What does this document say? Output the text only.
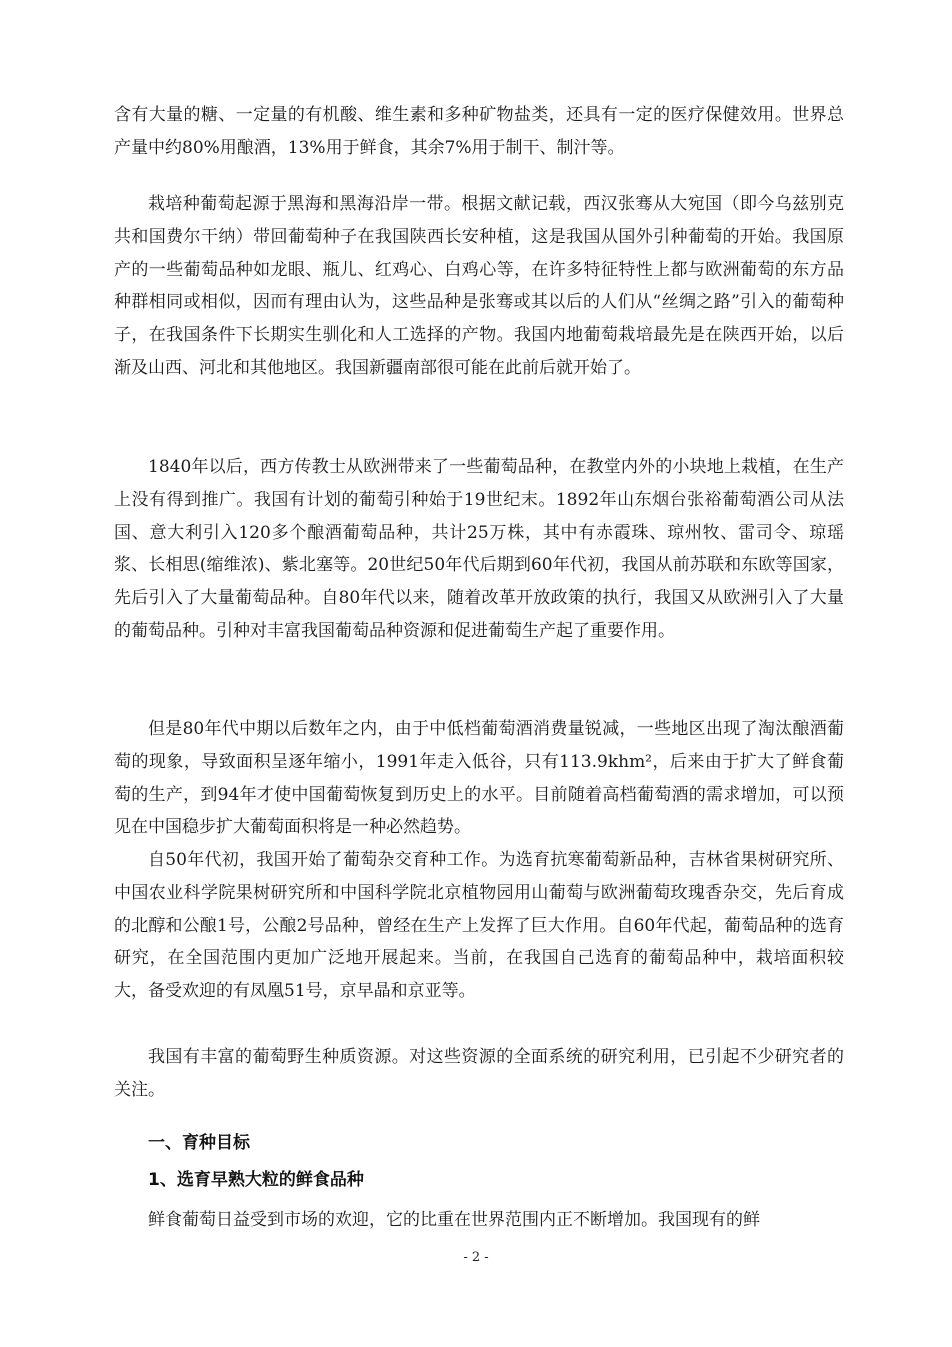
含有大量的糖、一定量的有机酸、维生素和多种矿物盐类，还具有一定的医疗保健效用。世界总产量中约80%用酿酒，13%用于鲜食，其余7%用于制干、制汁等。

栽培种葡萄起源于黑海和黑海沿岸一带。根据文献记载，西汉张骞从大宛国（即今乌兹别克共和国费尔干纳）带回葡萄种子在我国陕西长安种植，这是我国从国外引种葡萄的开始。我国原产的一些葡萄品种如龙眼、瓶儿、红鸡心、白鸡心等，在许多特征特性上都与欧洲葡萄的东方品种群相同或相似，因而有理由认为，这些品种是张骞或其以后的人们从“丝绸之路”引入的葡萄种子，在我国条件下长期实生驯化和人工选择的产物。我国内地葡萄栽培最先是在陕西开始，以后渐及山西、河北和其他地区。我国新疆南部很可能在此前后就开始了。

1840年以后，西方传教士从欧洲带来了一些葡萄品种，在教堂内外的小块地上栽植，在生产上没有得到推广。我国有计划的葡萄引种始于19世纪末。1892年山东烟台张裕葡萄酒公司从法国、意大利引入120多个酿酒葡萄品种，共计25万株，其中有赤霞珠、琼州牧、雷司令、琼瑶浆、长相思(缩维浓)、紫北塞等。20世纪50年代后期到60年代初，我国从前苏联和东欧等国家，先后引入了大量葡萄品种。自80年代以来，随着改革开放政策的执行，我国又从欧洲引入了大量的葡萄品种。引种对丰富我国葡萄品种资源和促进葡萄生产起了重要作用。

但是80年代中期以后数年之内，由于中低档葡萄酒消费量锐减，一些地区出现了淘汰酿酒葡萄的现象，导致面积呈逐年缩小，1991年走入低谷，只有113.9khm²，后来由于扩大了鲜食葡萄的生产，到94年才使中国葡萄恢复到历史上的水平。目前随着高档葡萄酒的需求增加，可以预见在中国稳步扩大葡萄面积将是一种必然趋势。

自50年代初，我国开始了葡萄杂交育种工作。为选育抗寒葡萄新品种，吉林省果树研究所、中国农业科学院果树研究所和中国科学院北京植物园用山葡萄与欧洲葡萄玫瑰香杂交，先后育成的北醇和公酿1号，公酿2号品种，曾经在生产上发挥了巨大作用。自60年代起，葡萄品种的选育研究，在全国范围内更加广泛地开展起来。当前，在我国自己选育的葡萄品种中，栽培面积较大，备受欢迎的有凤凰51号，京早晶和京亚等。

我国有丰富的葡萄野生种质资源。对这些资源的全面系统的研究利用，已引起不少研究者的关注。

一、育种目标
1、选育早熟大粒的鲜食品种

鲜食葡萄日益受到市场的欢迎，它的比重在世界范围内正不断增加。我国现有的鲜

- 2 -
